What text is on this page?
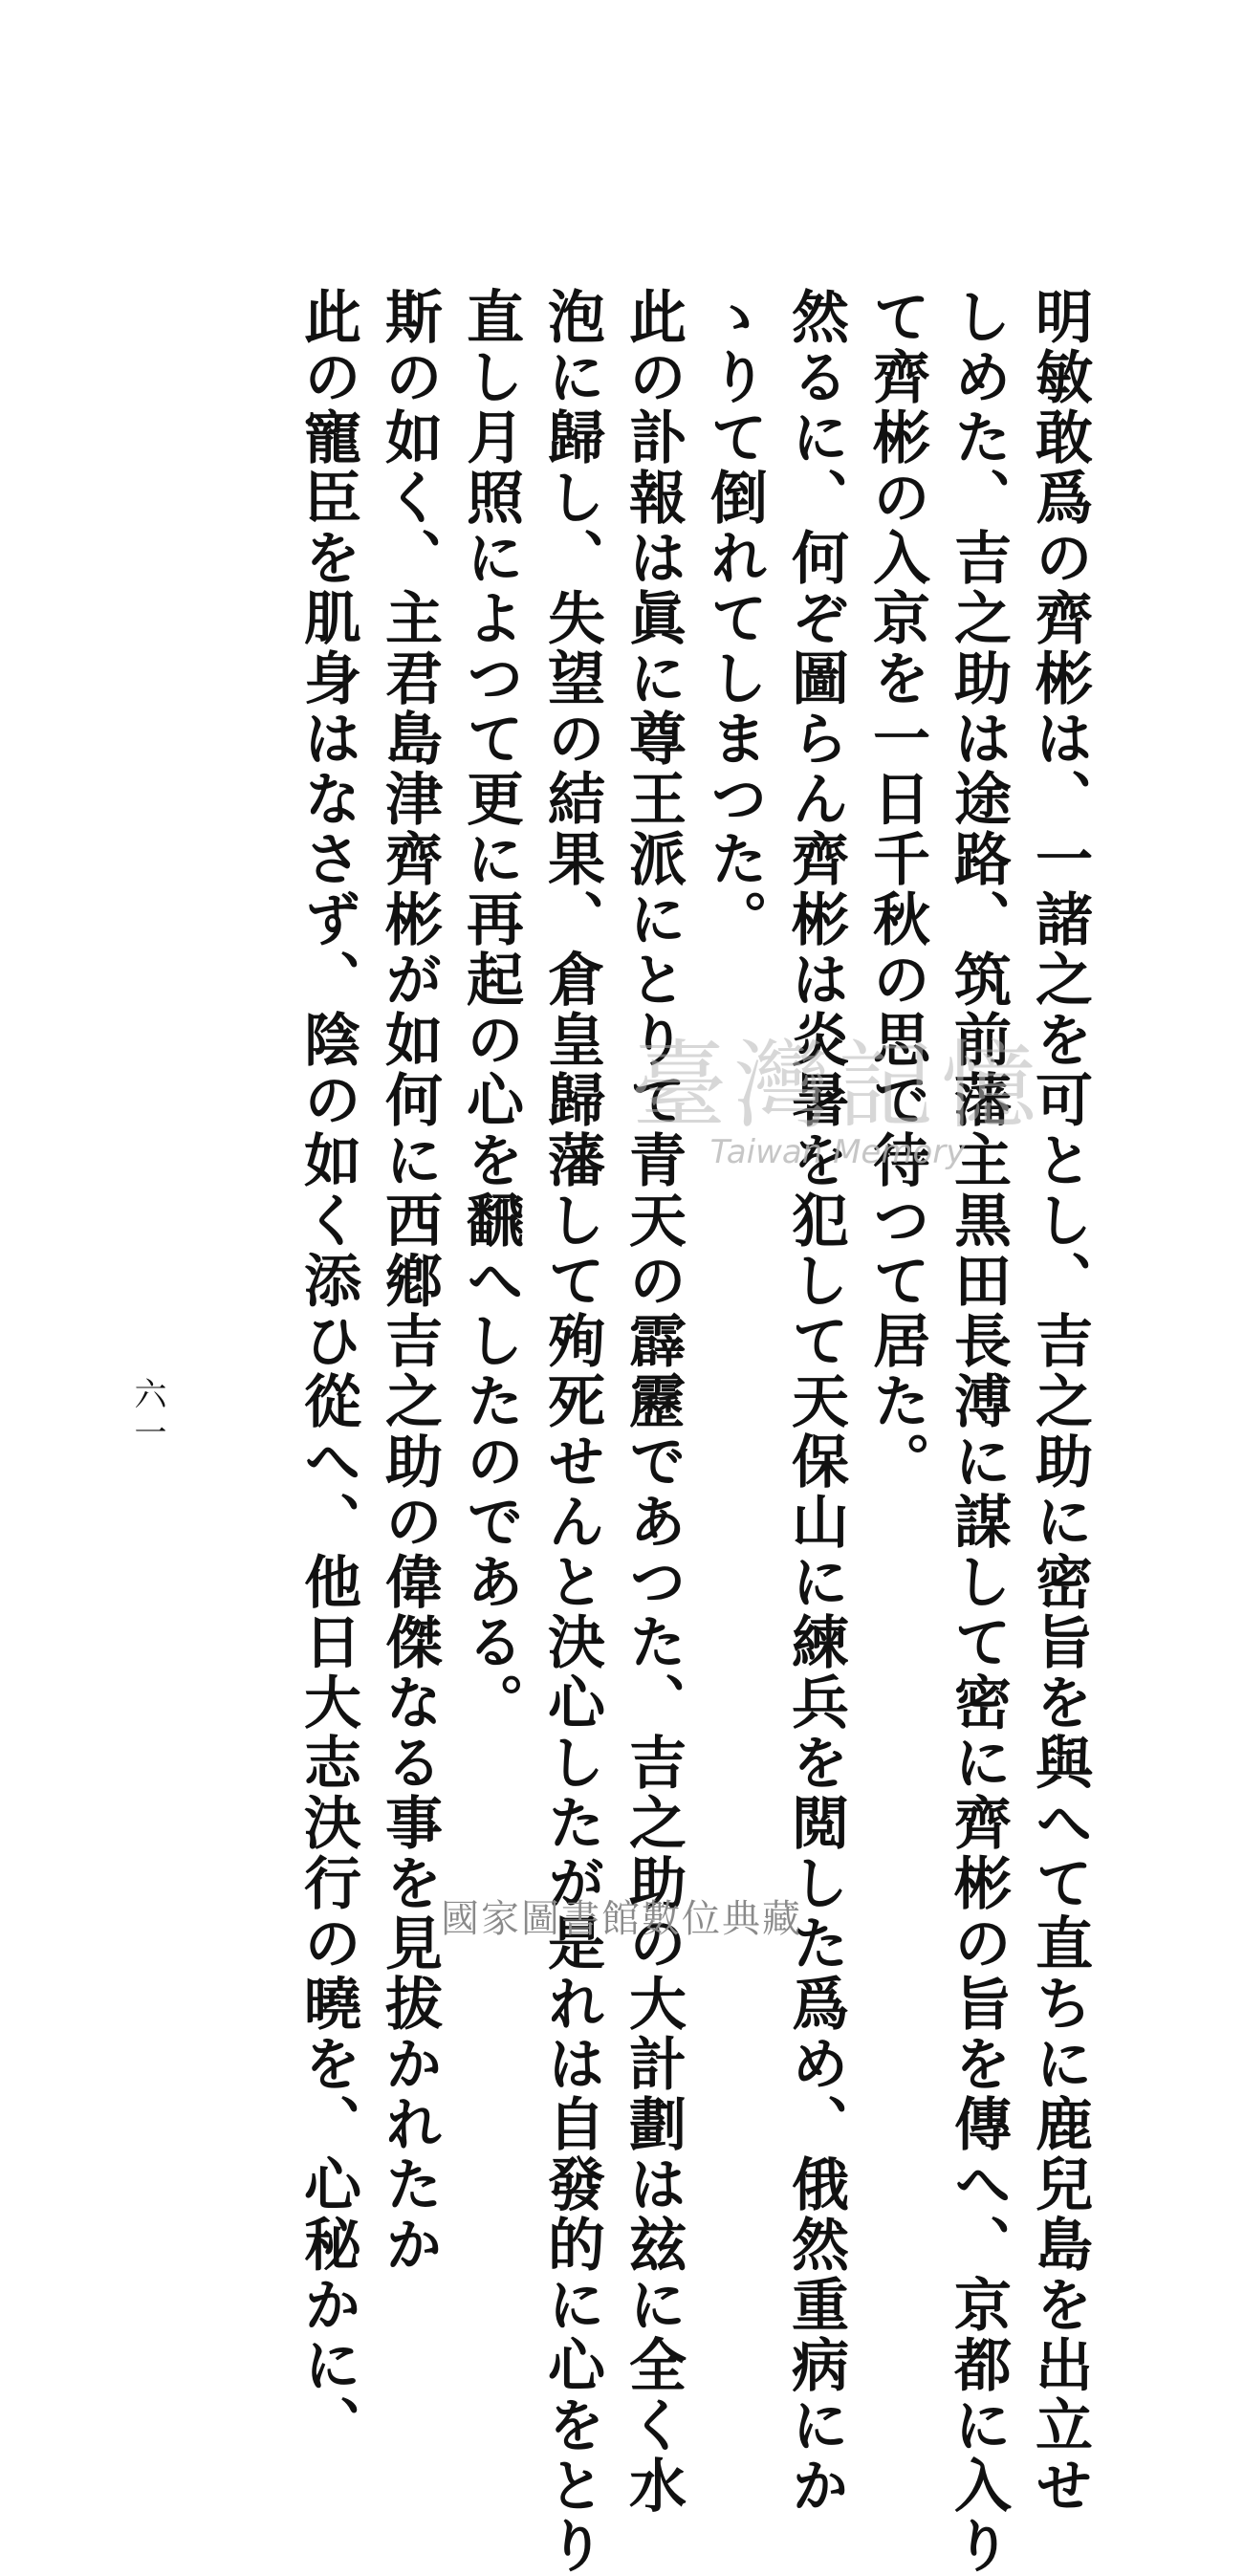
明敏敢爲の齊彬は、一諸之を可とし、吉之助に密旨を與へて直ちに鹿兒島を出立せ
しめた、吉之助は途路、筑前藩主黒田長溥に謀して密に齊彬の旨を傳へ、京都に入り
て齊彬の入京を一日千秋の思で待つて居た。
然るに、何ぞ圖らん齊彬は炎暑を犯して天保山に練兵を閲した爲め、俄然重病にか
ゝりて倒れてしまつた。
此の訃報は眞に尊王派にとりて青天の霹靂であつた、吉之助の大計劃は玆に全く水
泡に歸し、失望の結果、倉皇歸藩して殉死せんと決心したが是れは自發的に心をとり
直し月照によつて更に再起の心を飜へしたのである。
斯の如く、主君島津齊彬が如何に西鄕吉之助の偉傑なる事を見拔かれたか
此の寵臣を肌身はなさず、陰の如く添ひ從へ、他日大志決行の曉を、心秘かに、
六一
臺灣記憶
Taiwan Memory
國家圖書館數位典藏
